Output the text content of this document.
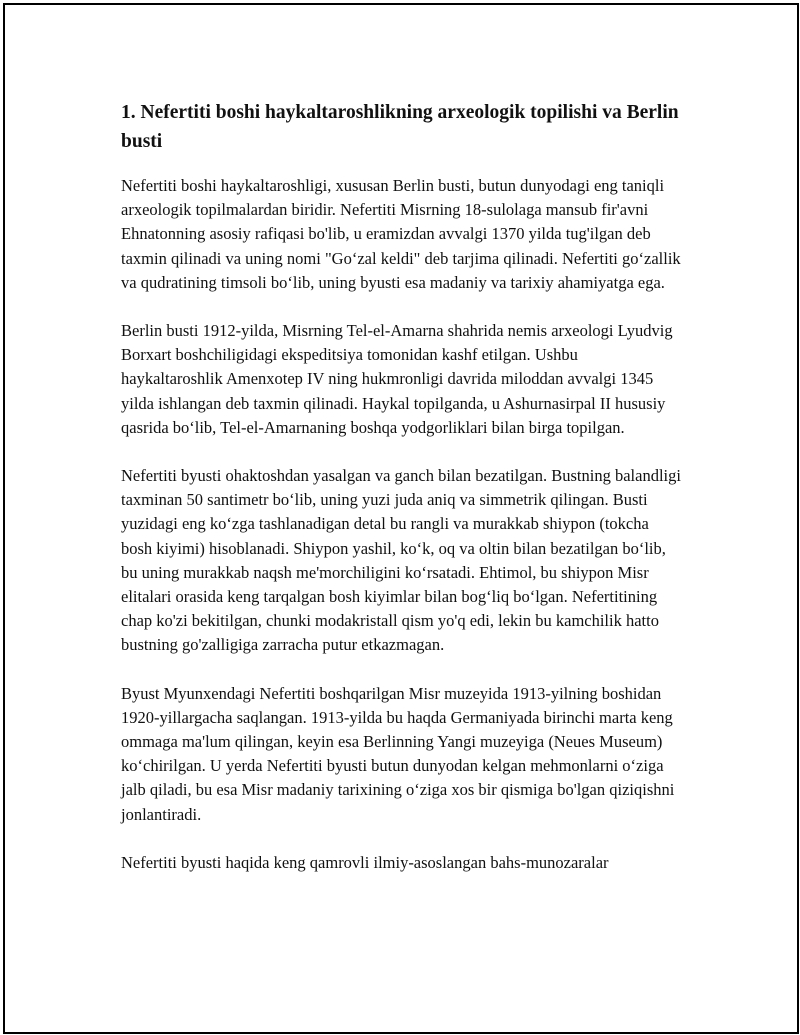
1. Nefertiti boshi haykaltaroshlikning arxeologik topilishi va Berlin busti

Nefertiti boshi haykaltaroshligi, xususan Berlin busti, butun dunyodagi eng taniqli arxeologik topilmalardan biridir. Nefertiti Misrning 18-sulolaga mansub fir'avni Ehnatonning asosiy rafiqasi bo'lib, u eramizdan avvalgi 1370 yilda tug'ilgan deb taxmin qilinadi va uning nomi "Go‘zal keldi" deb tarjima qilinadi. Nefertiti go‘zallik va qudratining timsoli bo‘lib, uning byusti esa madaniy va tarixiy ahamiyatga ega.

Berlin busti 1912-yilda, Misrning Tel-el-Amarna shahrida nemis arxeologi Lyudvig Borxart boshchiligidagi ekspeditsiya tomonidan kashf etilgan. Ushbu haykaltaroshlik Amenxotep IV ning hukmronligi davrida miloddan avvalgi 1345 yilda ishlangan deb taxmin qilinadi. Haykal topilganda, u Ashurnasirpal II hususiy qasrida bo‘lib, Tel-el-Amarnaning boshqa yodgorliklari bilan birga topilgan.

Nefertiti byusti ohaktoshdan yasalgan va ganch bilan bezatilgan. Bustning balandligi taxminan 50 santimetr bo‘lib, uning yuzi juda aniq va simmetrik qilingan. Busti yuzidagi eng ko‘zga tashlanadigan detal bu rangli va murakkab shiypon (tokcha bosh kiyimi) hisoblanadi. Shiypon yashil, ko‘k, oq va oltin bilan bezatilgan bo‘lib, bu uning murakkab naqsh me'morchiligini ko‘rsatadi. Ehtimol, bu shiypon Misr elitalari orasida keng tarqalgan bosh kiyimlar bilan bog‘liq bo‘lgan. Nefertitining chap ko'zi bekitilgan, chunki modakristall qism yo'q edi, lekin bu kamchilik hatto bustning go'zalligiga zarracha putur etkazmagan.

Byust Myunxendagi Nefertiti boshqarilgan Misr muzeyida 1913-yilning boshidan 1920-yillargacha saqlangan. 1913-yilda bu haqda Germaniyada birinchi marta keng ommaga ma'lum qilingan, keyin esa Berlinning Yangi muzeyiga (Neues Museum) ko‘chirilgan. U yerda Nefertiti byusti butun dunyodan kelgan mehmonlarni o‘ziga jalb qiladi, bu esa Misr madaniy tarixining o‘ziga xos bir qismiga bo'lgan qiziqishni jonlantiradi.

Nefertiti byusti haqida keng qamrovli ilmiy-asoslangan bahs-munozaralar
